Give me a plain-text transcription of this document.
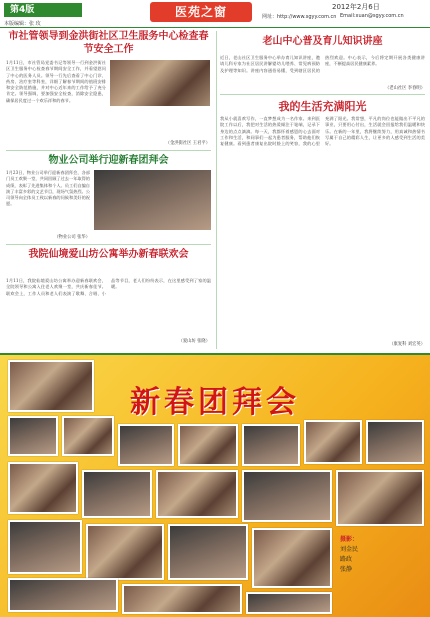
第4版	医苑之窗	2012年2月6日
网址：http://www.sgyy.com.cn Email:xuan@sgyy.com.cn
本版编辑：张 玫
市社管领导到金洪街社区卫生服务中心检查春节安全工作
1月11日，市社管局党委书记等领导一行到金洪街社区卫生服务中心检查春节期间安全工作，并看望慰问了中心的医务人员。领导一行先后查看了中心门诊、药房、治疗室等科室，详细了解春节期间的值班安排和安全防范措施，并对中心近年来的工作给予了充分肯定。领导强调，要加强安全检查，消除安全隐患，确保居民度过一个欢乐祥和的春节。
（金洪街社区 王君平）
物业公司举行迎新春团拜会
1月23日，物业公司举行迎新春团拜会，各部门员工欢聚一堂，共同回顾了过去一年取得的成绩，表彰了先进集体和个人。员工们自编自演了丰富多彩的文艺节目，现场气氛热烈。公司领导向全体员工致以新春的问候和美好的祝愿。
（物业公司 张华）
我院仙境爱山坊公寓举办新春联欢会
1月11日，我院仙境爱山坊公寓举办迎新春联欢会，全院领导和公寓入住老人欢聚一堂，共庆新春佳节。联欢会上，工作人员和老人们表演了歌舞、合唱、小品等节目，老人们纷纷表示，在这里感受到了家的温暖。
（爱山坊 张晓）
老山中心普及育儿知识讲座
近日，老山社区卫生服务中心举办育儿知识讲座，邀请儿科专家为社区居民讲解婴幼儿喂养、常见病预防及护理等知识。讲座内容通俗易懂，受到辖区居民的热烈欢迎。中心表示，今后将定期开展各类健康讲座，不断提高居民健康素养。
（老山社区 李春明）
我的生活充满阳光
我从小就喜欢写作，一直梦想成为一名作家。来到医院工作以后，我把对生活的热爱倾注于笔端，记录下身边的点点滴滴。每一天，我都怀着感恩的心去面对工作和生活，和同事们一起为患者服务，帮助他们恢复健康。看到患者康复出院时脸上的笑容，我的心里充满了阳光。我常想，平凡的岗位也能做出不平凡的事业，只要用心付出，生活就会回报给我们温暖和快乐。在新的一年里，我将继续努力，用真诚和热情书写属于自己的精彩人生，让更多的人感受到生活的美好。
（康复科 刘宏英）
新春团拜会
摄影：
刘金民
路政
张静
